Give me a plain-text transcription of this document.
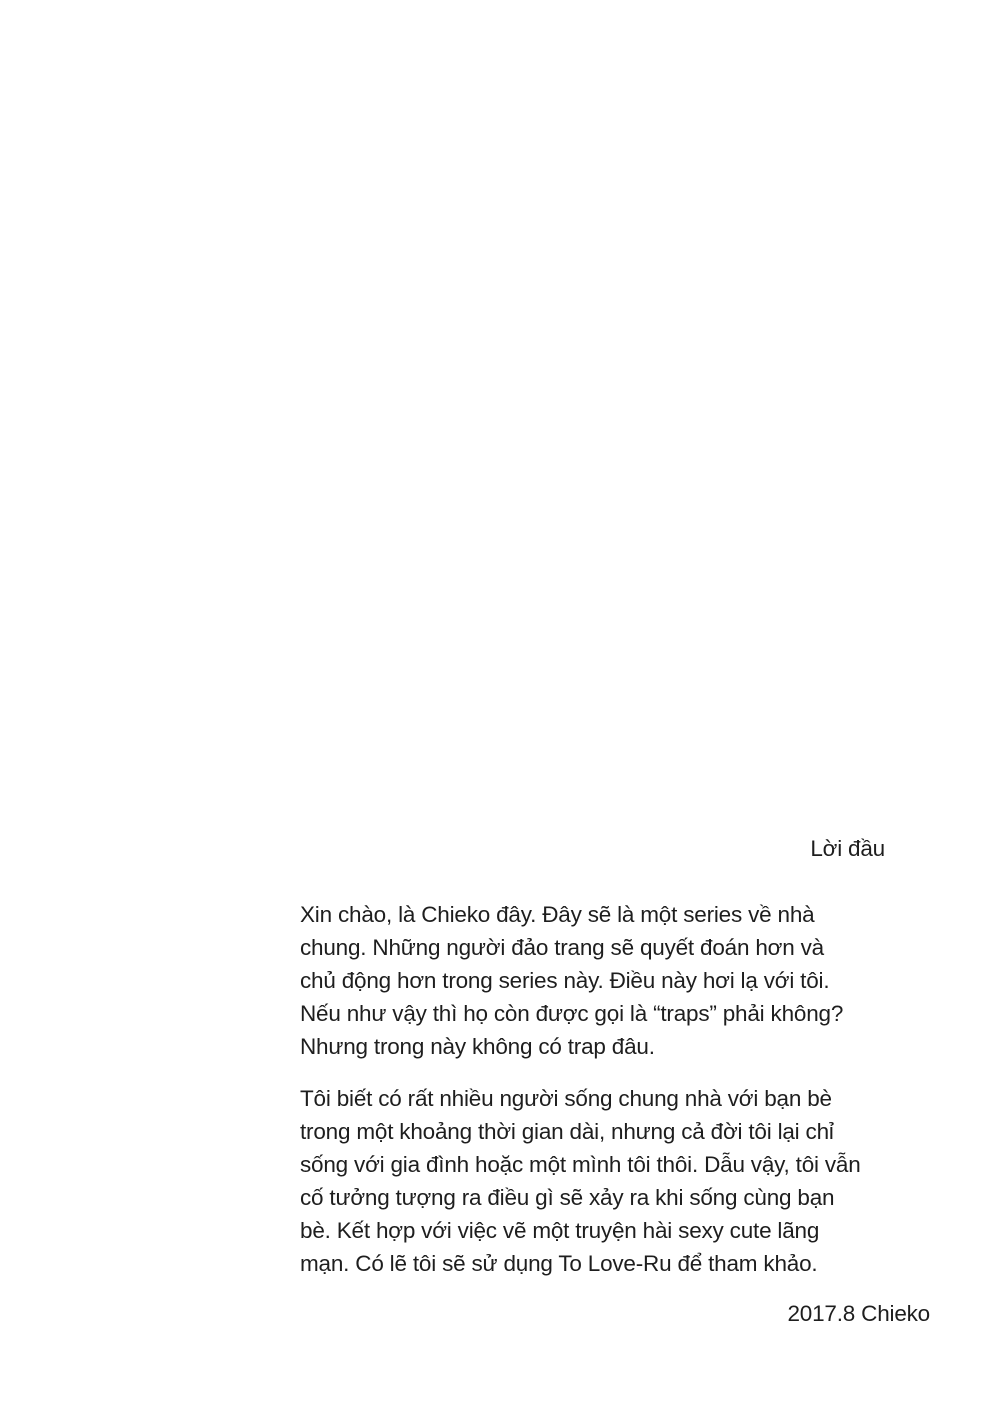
Lời đầu
Xin chào, là Chieko đây. Đây sẽ là một series về nhà
chung. Những người đảo trang sẽ quyết đoán hơn và
chủ động hơn trong series này. Điều này hơi lạ với tôi.
Nếu như vậy thì họ còn được gọi là “traps” phải không?
Nhưng trong này không có trap đâu.
Tôi biết có rất nhiều người sống chung nhà với bạn bè
trong một khoảng thời gian dài, nhưng cả đời tôi lại chỉ
sống với gia đình hoặc một mình tôi thôi. Dẫu vậy, tôi vẫn
cố tưởng tượng ra điều gì sẽ xảy ra khi sống cùng bạn
bè. Kết hợp với việc vẽ một truyện hài sexy cute lãng
mạn. Có lẽ tôi sẽ sử dụng To Love-Ru để tham khảo.
2017.8 Chieko
